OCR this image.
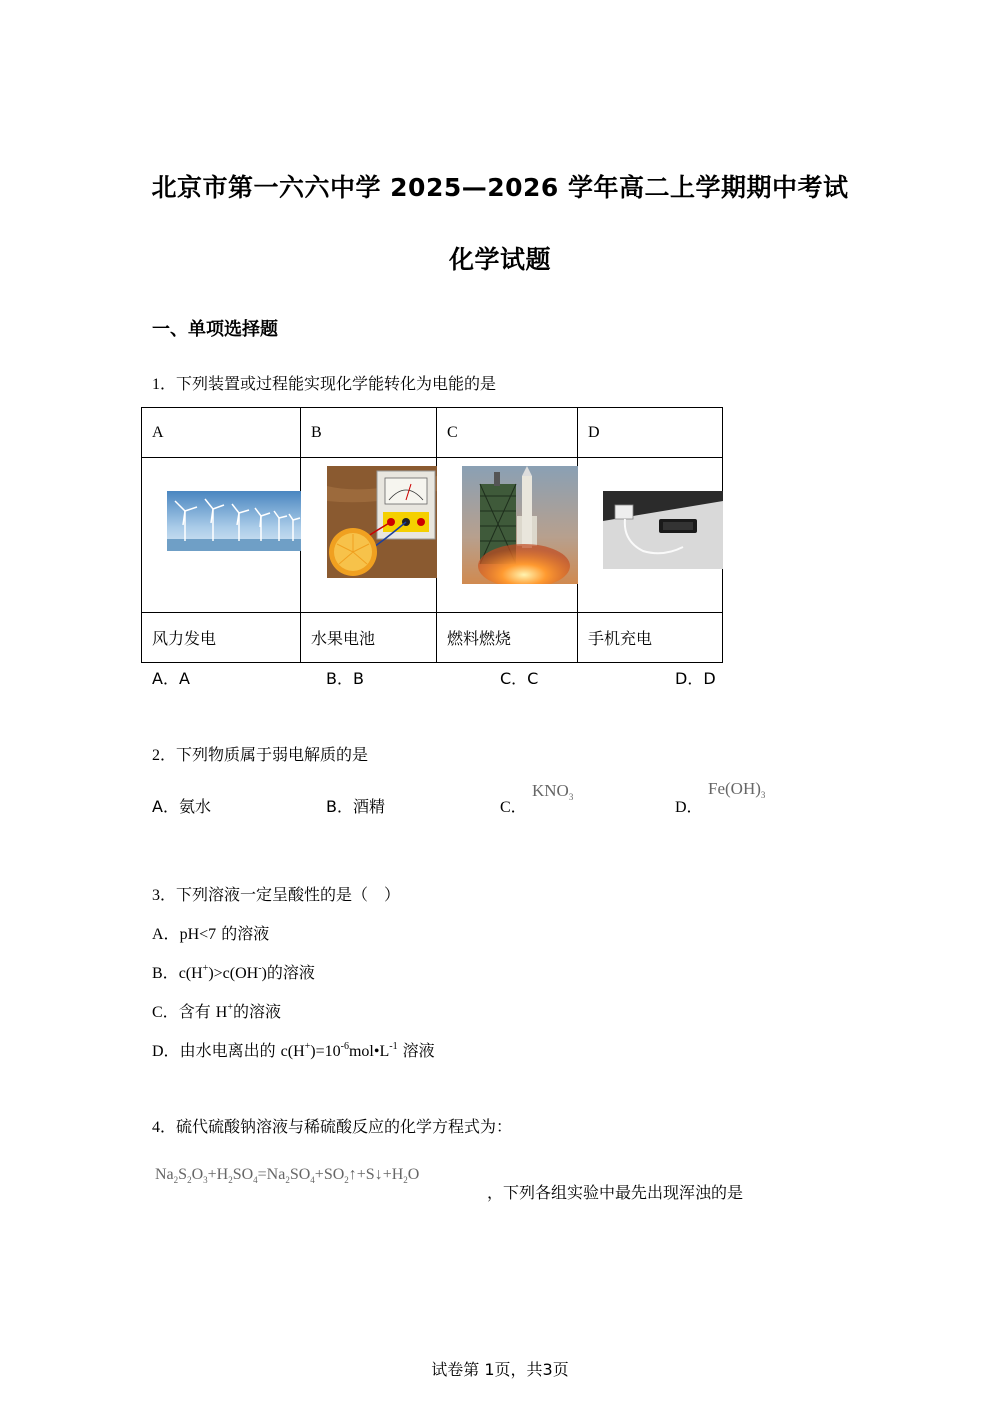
北京市第一六六中学 2025—2026 学年高二上学期期中考试
化学试题
一、单项选择题
1．下列装置或过程能实现化学能转化为电能的是
A	B	C	D

风力发电	水果电池	燃料燃烧	手机充电
A．A	B．B	C．C	D．D
2．下列物质属于弱电解质的是
A．氨水	B．酒精	C．
$KNO_3$
D．
$Fe(OH)_3$
3．下列溶液一定呈酸性的是（　）
A．pH<7 的溶液
B．c(H+)>c(OH-)的溶液
C．含有 H+的溶液
D．由水电离出的 $c(H^+)=10^{-6}mol•L^{-1}$ 溶液
4．硫代硫酸钠溶液与稀硫酸反应的化学方程式为：
$Na_2S_2O_3+H_2SO_4=Na_2SO_4+SO_2↑+S↓+H_2O$
，下列各组实验中最先出现浑浊的是
试卷第 1页，共3页
